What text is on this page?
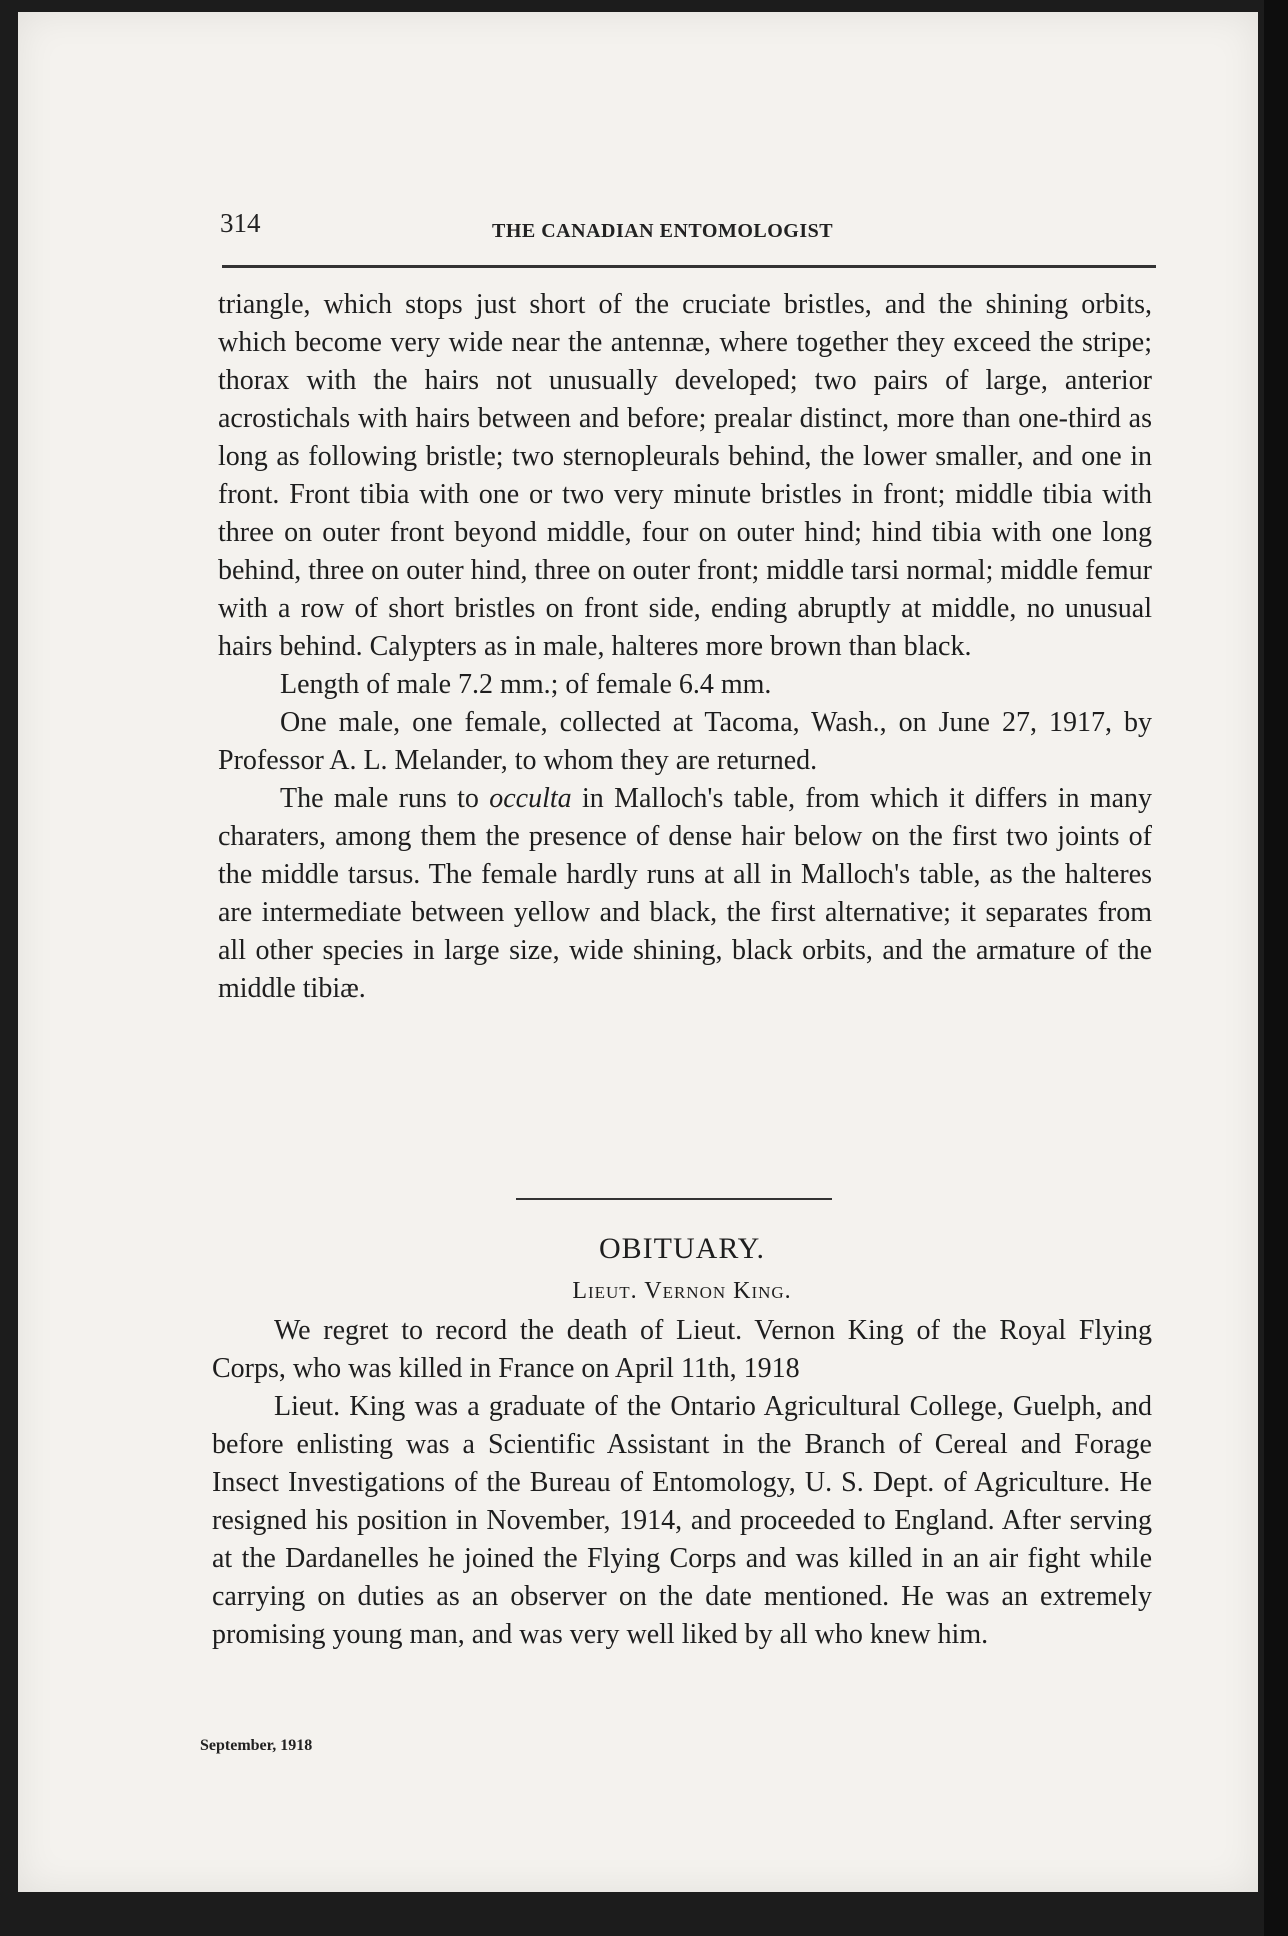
314	THE CANADIAN ENTOMOLOGIST

triangle, which stops just short of the cruciate bristles, and the shining orbits, which become very wide near the antennæ, where together they exceed the stripe; thorax with the hairs not unusually developed; two pairs of large, anterior acrostichals with hairs between and before; prealar distinct, more than one-third as long as following bristle; two sternopleurals behind, the lower smaller, and one in front. Front tibia with one or two very minute bristles in front; middle tibia with three on outer front beyond middle, four on outer hind; hind tibia with one long behind, three on outer hind, three on outer front; middle tarsi normal; middle femur with a row of short bristles on front side, ending abruptly at middle, no unusual hairs behind. Calypters as in male, halteres more brown than black.

Length of male 7.2 mm.; of female 6.4 mm.

One male, one female, collected at Tacoma, Wash., on June 27, 1917, by Professor A. L. Melander, to whom they are returned.

The male runs to occulta in Malloch's table, from which it differs in many charaters, among them the presence of dense hair below on the first two joints of the middle tarsus. The female hardly runs at all in Malloch's table, as the halteres are intermediate between yellow and black, the first alternative; it separates from all other species in large size, wide shining, black orbits, and the armature of the middle tibiæ.

OBITUARY.

Lieut. Vernon King.

We regret to record the death of Lieut. Vernon King of the Royal Flying Corps, who was killed in France on April 11th, 1918

Lieut. King was a graduate of the Ontario Agricultural College, Guelph, and before enlisting was a Scientific Assistant in the Branch of Cereal and Forage Insect Investigations of the Bureau of Entomology, U. S. Dept. of Agriculture. He resigned his position in November, 1914, and proceeded to England. After serving at the Dardanelles he joined the Flying Corps and was killed in an air fight while carrying on duties as an observer on the date mentioned. He was an extremely promising young man, and was very well liked by all who knew him.

September, 1918
